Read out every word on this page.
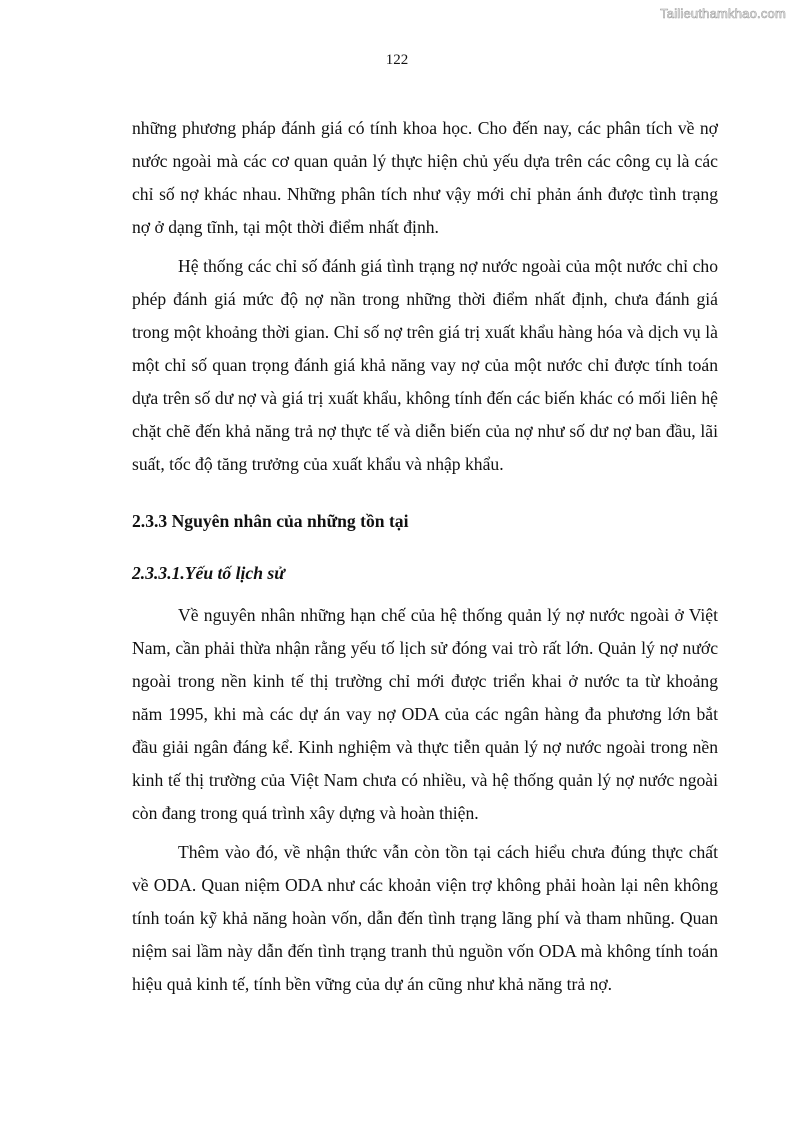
Tailieuthamkhao.com
122

những phương pháp đánh giá có tính khoa học. Cho đến nay, các phân tích về nợ nước ngoài mà các cơ quan quản lý thực hiện chủ yếu dựa trên các công cụ là các chỉ số nợ khác nhau. Những phân tích như vậy mới chỉ phản ánh được tình trạng nợ ở dạng tĩnh, tại một thời điểm nhất định.

Hệ thống các chỉ số đánh giá tình trạng nợ nước ngoài của một nước chỉ cho phép đánh giá mức độ nợ nần trong những thời điểm nhất định, chưa đánh giá trong một khoảng thời gian. Chỉ số nợ trên giá trị xuất khẩu hàng hóa và dịch vụ là một chỉ số quan trọng đánh giá khả năng vay nợ của một nước chỉ được tính toán dựa trên số dư nợ và giá trị xuất khẩu, không tính đến các biến khác có mối liên hệ chặt chẽ đến khả năng trả nợ thực tế và diễn biến của nợ như số dư nợ ban đầu, lãi suất, tốc độ tăng trưởng của xuất khẩu và nhập khẩu.

2.3.3 Nguyên nhân của những tồn tại
2.3.3.1.Yếu tố lịch sử

Về nguyên nhân những hạn chế của hệ thống quản lý nợ nước ngoài ở Việt Nam, cần phải thừa nhận rằng yếu tố lịch sử đóng vai trò rất lớn. Quản lý nợ nước ngoài trong nền kinh tế thị trường chỉ mới được triển khai ở nước ta từ khoảng năm 1995, khi mà các dự án vay nợ ODA của các ngân hàng đa phương lớn bắt đầu giải ngân đáng kể. Kinh nghiệm và thực tiễn quản lý nợ nước ngoài trong nền kinh tế thị trường của Việt Nam chưa có nhiều, và hệ thống quản lý nợ nước ngoài còn đang trong quá trình xây dựng và hoàn thiện.

Thêm vào đó, về nhận thức vẫn còn tồn tại cách hiểu chưa đúng thực chất về ODA. Quan niệm ODA như các khoản viện trợ không phải hoàn lại nên không tính toán kỹ khả năng hoàn vốn, dẫn đến tình trạng lãng phí và tham nhũng. Quan niệm sai lầm này dẫn đến tình trạng tranh thủ nguồn vốn ODA mà không tính toán hiệu quả kinh tế, tính bền vững của dự án cũng như khả năng trả nợ.
